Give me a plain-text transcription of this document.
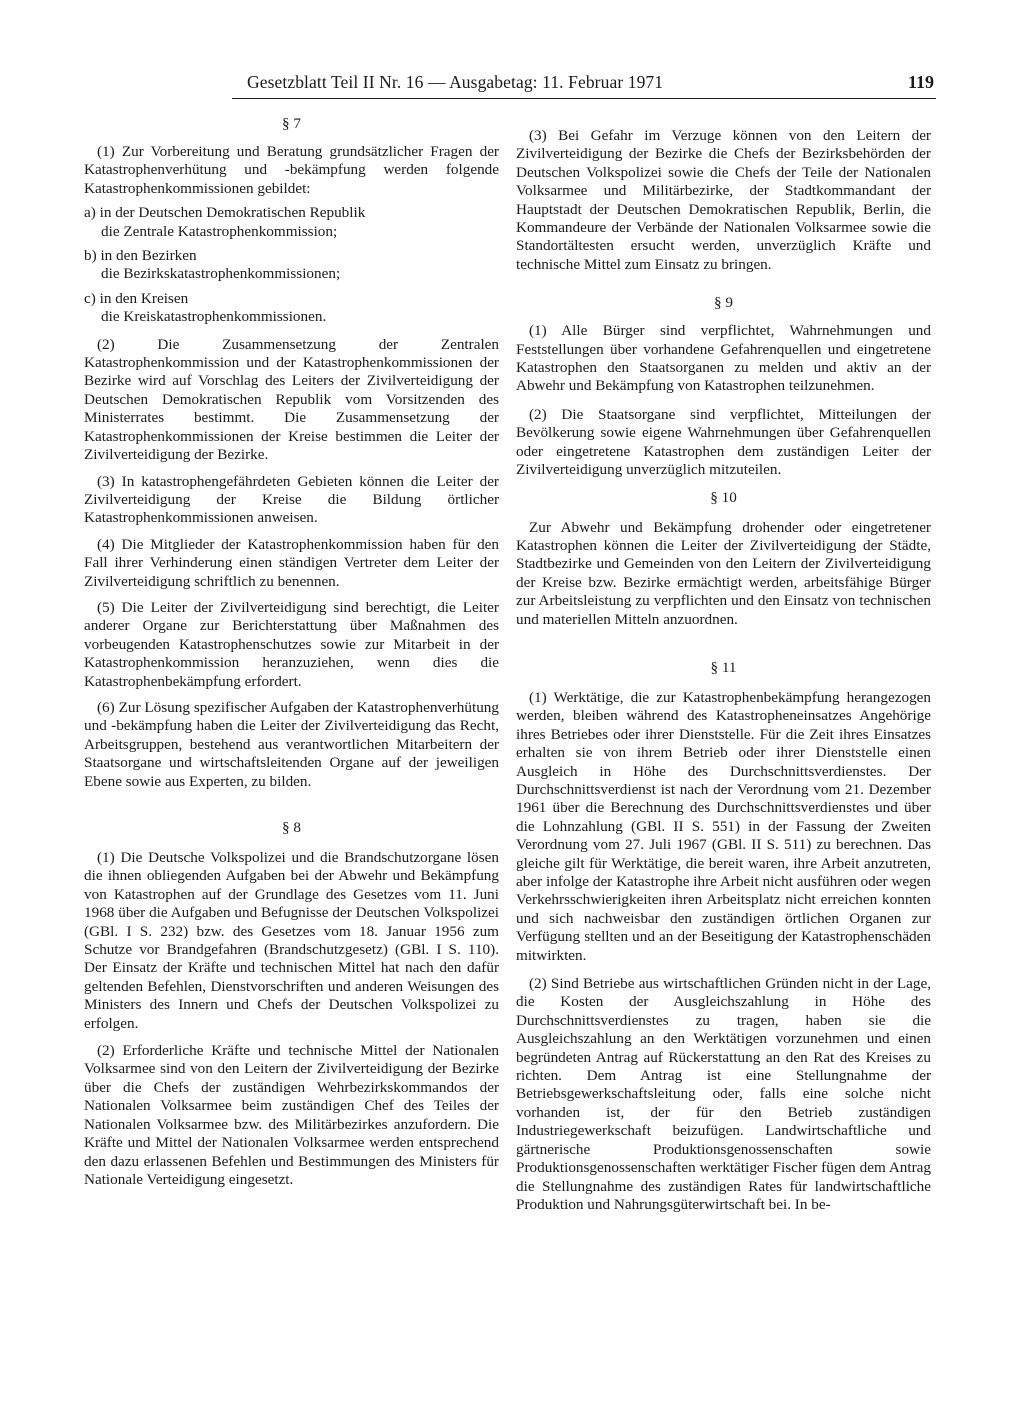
Gesetzblatt Teil II Nr. 16 — Ausgabetag: 11. Februar 1971	119
§ 7
(1) Zur Vorbereitung und Beratung grundsätzlicher Fragen der Katastrophenverhütung und -bekämpfung werden folgende Katastrophenkommissionen gebildet:
a) in der Deutschen Demokratischen Republik
die Zentrale Katastrophenkommission;
b) in den Bezirken
die Bezirkskatastrophenkommissionen;
c) in den Kreisen
die Kreiskatastrophenkommissionen.
(2) Die Zusammensetzung der Zentralen Katastrophenkommission und der Katastrophenkommissionen der Bezirke wird auf Vorschlag des Leiters der Zivilverteidigung der Deutschen Demokratischen Republik vom Vorsitzenden des Ministerrates bestimmt. Die Zusammensetzung der Katastrophenkommissionen der Kreise bestimmen die Leiter der Zivilverteidigung der Bezirke.
(3) In katastrophengefährdeten Gebieten können die Leiter der Zivilverteidigung der Kreise die Bildung örtlicher Katastrophenkommissionen anweisen.
(4) Die Mitglieder der Katastrophenkommission haben für den Fall ihrer Verhinderung einen ständigen Vertreter dem Leiter der Zivilverteidigung schriftlich zu benennen.
(5) Die Leiter der Zivilverteidigung sind berechtigt, die Leiter anderer Organe zur Berichterstattung über Maßnahmen des vorbeugenden Katastrophenschutzes sowie zur Mitarbeit in der Katastrophenkommission heranzuziehen, wenn dies die Katastrophenbekämpfung erfordert.
(6) Zur Lösung spezifischer Aufgaben der Katastrophenverhütung und -bekämpfung haben die Leiter der Zivilverteidigung das Recht, Arbeitsgruppen, bestehend aus verantwortlichen Mitarbeitern der Staatsorgane und wirtschaftsleitenden Organe auf der jeweiligen Ebene sowie aus Experten, zu bilden.
§ 8
(1) Die Deutsche Volkspolizei und die Brandschutzorgane lösen die ihnen obliegenden Aufgaben bei der Abwehr und Bekämpfung von Katastrophen auf der Grundlage des Gesetzes vom 11. Juni 1968 über die Aufgaben und Befugnisse der Deutschen Volkspolizei (GBl. I S. 232) bzw. des Gesetzes vom 18. Januar 1956 zum Schutze vor Brandgefahren (Brandschutzgesetz) (GBl. I S. 110). Der Einsatz der Kräfte und technischen Mittel hat nach den dafür geltenden Befehlen, Dienstvorschriften und anderen Weisungen des Ministers des Innern und Chefs der Deutschen Volkspolizei zu erfolgen.
(2) Erforderliche Kräfte und technische Mittel der Nationalen Volksarmee sind von den Leitern der Zivilverteidigung der Bezirke über die Chefs der zuständigen Wehrbezirkskommandos der Nationalen Volksarmee beim zuständigen Chef des Teiles der Nationalen Volksarmee bzw. des Militärbezirkes anzufordern. Die Kräfte und Mittel der Nationalen Volksarmee werden entsprechend den dazu erlassenen Befehlen und Bestimmungen des Ministers für Nationale Verteidigung eingesetzt.
(3) Bei Gefahr im Verzuge können von den Leitern der Zivilverteidigung der Bezirke die Chefs der Bezirksbehörden der Deutschen Volkspolizei sowie die Chefs der Teile der Nationalen Volksarmee und Militärbezirke, der Stadtkommandant der Hauptstadt der Deutschen Demokratischen Republik, Berlin, die Kommandeure der Verbände der Nationalen Volksarmee sowie die Standortältesten ersucht werden, unverzüglich Kräfte und technische Mittel zum Einsatz zu bringen.
§ 9
(1) Alle Bürger sind verpflichtet, Wahrnehmungen und Feststellungen über vorhandene Gefahrenquellen und eingetretene Katastrophen den Staatsorganen zu melden und aktiv an der Abwehr und Bekämpfung von Katastrophen teilzunehmen.
(2) Die Staatsorgane sind verpflichtet, Mitteilungen der Bevölkerung sowie eigene Wahrnehmungen über Gefahrenquellen oder eingetretene Katastrophen dem zuständigen Leiter der Zivilverteidigung unverzüglich mitzuteilen.
§ 10
Zur Abwehr und Bekämpfung drohender oder eingetretener Katastrophen können die Leiter der Zivilverteidigung der Städte, Stadtbezirke und Gemeinden von den Leitern der Zivilverteidigung der Kreise bzw. Bezirke ermächtigt werden, arbeitsfähige Bürger zur Arbeitsleistung zu verpflichten und den Einsatz von technischen und materiellen Mitteln anzuordnen.
§ 11
(1) Werktätige, die zur Katastrophenbekämpfung herangezogen werden, bleiben während des Katastropheneinsatzes Angehörige ihres Betriebes oder ihrer Dienststelle. Für die Zeit ihres Einsatzes erhalten sie von ihrem Betrieb oder ihrer Dienststelle einen Ausgleich in Höhe des Durchschnittsverdienstes. Der Durchschnittsverdienst ist nach der Verordnung vom 21. Dezember 1961 über die Berechnung des Durchschnittsverdienstes und über die Lohnzahlung (GBl. II S. 551) in der Fassung der Zweiten Verordnung vom 27. Juli 1967 (GBl. II S. 511) zu berechnen. Das gleiche gilt für Werktätige, die bereit waren, ihre Arbeit anzutreten, aber infolge der Katastrophe ihre Arbeit nicht ausführen oder wegen Verkehrsschwierigkeiten ihren Arbeitsplatz nicht erreichen konnten und sich nachweisbar den zuständigen örtlichen Organen zur Verfügung stellten und an der Beseitigung der Katastrophenschäden mitwirkten.
(2) Sind Betriebe aus wirtschaftlichen Gründen nicht in der Lage, die Kosten der Ausgleichszahlung in Höhe des Durchschnittsverdienstes zu tragen, haben sie die Ausgleichszahlung an den Werktätigen vorzunehmen und einen begründeten Antrag auf Rückerstattung an den Rat des Kreises zu richten. Dem Antrag ist eine Stellungnahme der Betriebsgewerkschaftsleitung oder, falls eine solche nicht vorhanden ist, der für den Betrieb zuständigen Industriegewerkschaft beizufügen. Landwirtschaftliche und gärtnerische Produktionsgenossenschaften sowie Produktionsgenossenschaften werktätiger Fischer fügen dem Antrag die Stellungnahme des zuständigen Rates für landwirtschaftliche Produktion und Nahrungsgüterwirtschaft bei. In be-
